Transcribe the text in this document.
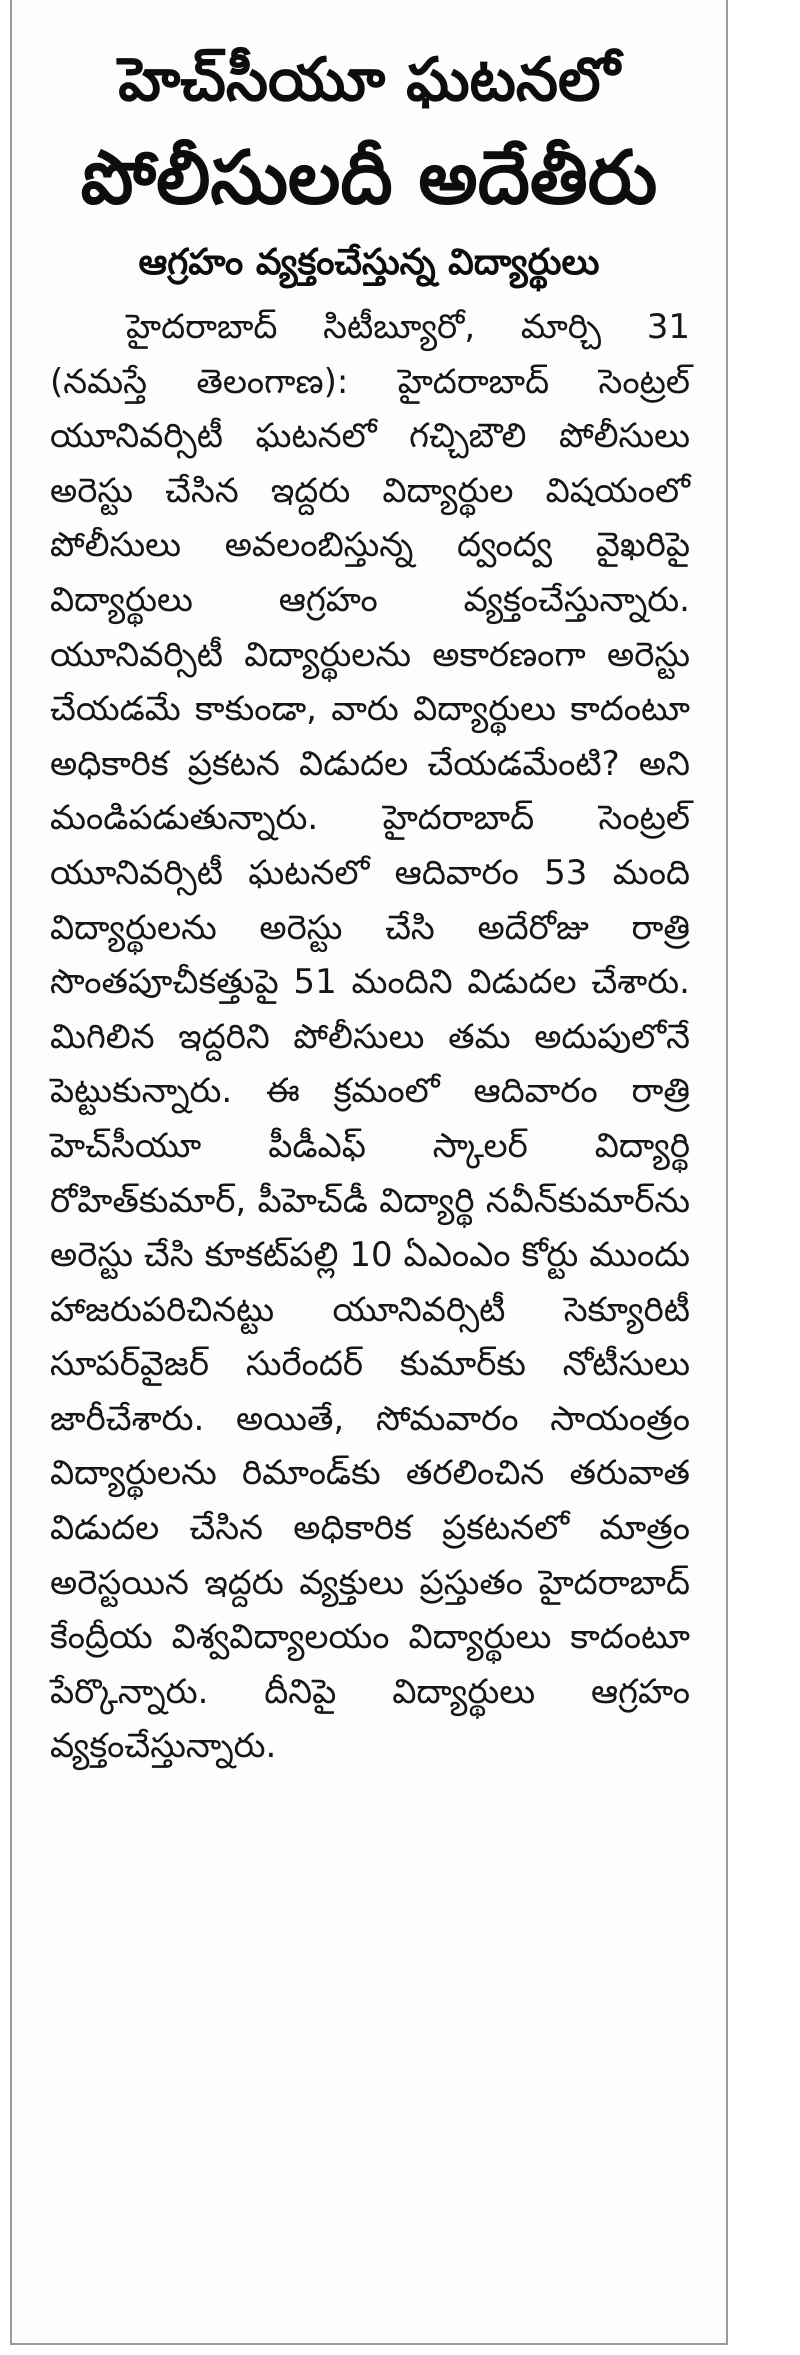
హెచ్‌సీయూ ఘటనలో
పోలీసులదీ అదేతీరు
ఆగ్రహం వ్యక్తంచేస్తున్న విద్యార్థులు

హైదరాబాద్ సిటీబ్యూరో, మార్చి 31 (నమస్తే తెలంగాణ): హైదరాబాద్ సెంట్రల్ యూనివర్సిటీ ఘటనలో గచ్చిబౌలి పోలీసులు అరెస్టు చేసిన ఇద్దరు విద్యార్థుల విషయంలో పోలీసులు అవలంబిస్తున్న ద్వంద్వ వైఖరిపై విద్యార్థులు ఆగ్రహం వ్యక్తంచేస్తున్నారు. యూనివర్సిటీ విద్యార్థులను అకారణంగా అరెస్టు చేయడమే కాకుండా, వారు విద్యార్థులు కాదంటూ అధికారిక ప్రకటన విడుదల చేయడమేంటి? అని మండిపడుతున్నారు. హైదరాబాద్ సెంట్రల్ యూనివర్సిటీ ఘటనలో ఆదివారం 53 మంది విద్యార్థులను అరెస్టు చేసి అదేరోజు రాత్రి సొంతపూచీకత్తుపై 51 మందిని విడుదల చేశారు. మిగిలిన ఇద్దరిని పోలీసులు తమ అదుపులోనే పెట్టుకున్నారు. ఈ క్రమంలో ఆదివారం రాత్రి హెచ్‌సీయూ పీడీఎఫ్ స్కాలర్ విద్యార్థి రోహిత్‌కుమార్, పీహెచ్‌డీ విద్యార్థి నవీన్‌కుమార్‌ను అరెస్టు చేసి కూకట్‌పల్లి 10 ఏఎంఎం కోర్టు ముందు హాజరుపరిచినట్టు యూనివర్సిటీ సెక్యూరిటీ సూపర్‌వైజర్ సురేందర్ కుమార్‌కు నోటీసులు జారీచేశారు. అయితే, సోమవారం సాయంత్రం విద్యార్థులను రిమాండ్‌కు తరలించిన తరువాత విడుదల చేసిన అధికారిక ప్రకటనలో మాత్రం అరెస్టయిన ఇద్దరు వ్యక్తులు ప్రస్తుతం హైదరాబాద్ కేంద్రీయ విశ్వవిద్యాలయం విద్యార్థులు కాదంటూ పేర్కొన్నారు. దీనిపై విద్యార్థులు ఆగ్రహం వ్యక్తంచేస్తున్నారు.
